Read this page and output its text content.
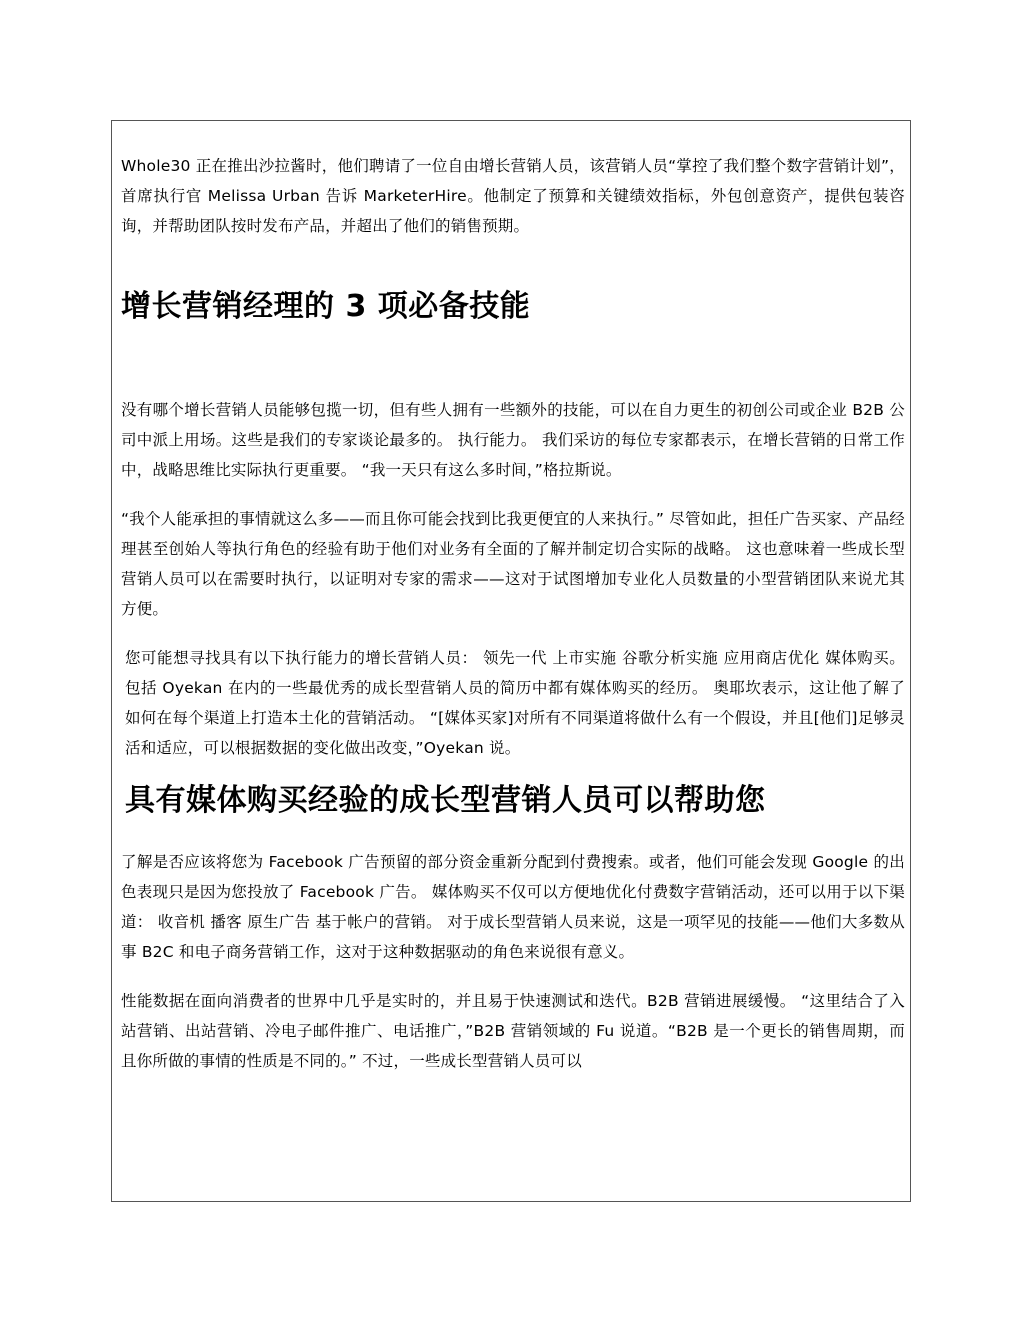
Whole30 正在推出沙拉酱时，他们聘请了一位自由增长营销人员，该营销人员“掌控了我们整个数字营销计划”，首席执行官 Melissa Urban 告诉 MarketerHire。他制定了预算和关键绩效指标，外包创意资产，提供包装咨询，并帮助团队按时发布产品，并超出了他们的销售预期。

增长营销经理的 3 项必备技能

没有哪个增长营销人员能够包揽一切，但有些人拥有一些额外的技能，可以在自力更生的初创公司或企业 B2B 公司中派上用场。这些是我们的专家谈论最多的。 执行能力。 我们采访的每位专家都表示，在增长营销的日常工作中，战略思维比实际执行更重要。 “我一天只有这么多时间，”格拉斯说。

“我个人能承担的事情就这么多——而且你可能会找到比我更便宜的人来执行。” 尽管如此，担任广告买家、产品经理甚至创始人等执行角色的经验有助于他们对业务有全面的了解并制定切合实际的战略。 这也意味着一些成长型营销人员可以在需要时执行，以证明对专家的需求——这对于试图增加专业化人员数量的小型营销团队来说尤其方便。

您可能想寻找具有以下执行能力的增长营销人员： 领先一代 上市实施 谷歌分析实施 应用商店优化 媒体购买。 包括 Oyekan 在内的一些最优秀的成长型营销人员的简历中都有媒体购买的经历。 奥耶坎表示，这让他了解了如何在每个渠道上打造本土化的营销活动。 “[媒体买家]对所有不同渠道将做什么有一个假设，并且[他们]足够灵活和适应，可以根据数据的变化做出改变，”Oyekan 说。

具有媒体购买经验的成长型营销人员可以帮助您

了解是否应该将您为 Facebook 广告预留的部分资金重新分配到付费搜索。或者，他们可能会发现 Google 的出色表现只是因为您投放了 Facebook 广告。 媒体购买不仅可以方便地优化付费数字营销活动，还可以用于以下渠道： 收音机 播客 原生广告 基于帐户的营销。 对于成长型营销人员来说，这是一项罕见的技能——他们大多数从事 B2C 和电子商务营销工作，这对于这种数据驱动的角色来说很有意义。

性能数据在面向消费者的世界中几乎是实时的，并且易于快速测试和迭代。B2B 营销进展缓慢。 “这里结合了入站营销、出站营销、冷电子邮件推广、电话推广，”B2B 营销领域的 Fu 说道。“B2B 是一个更长的销售周期，而且你所做的事情的性质是不同的。” 不过，一些成长型营销人员可以
